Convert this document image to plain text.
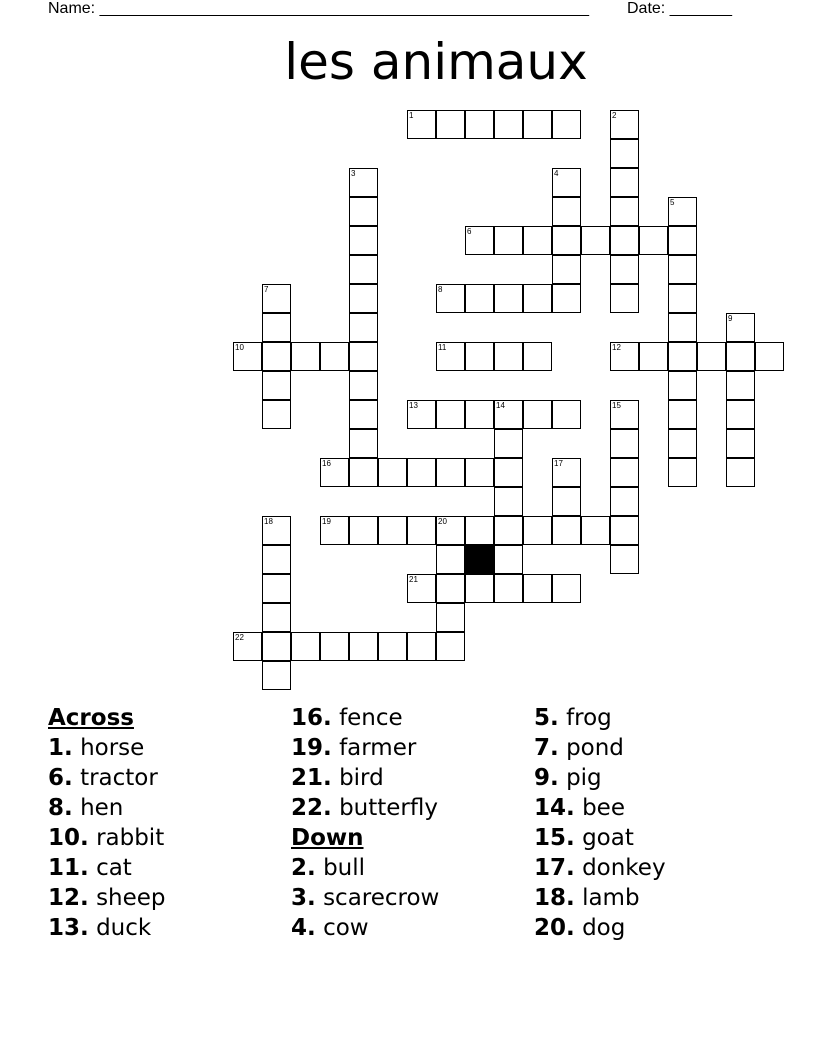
Name: _______________________________________________________ Date: _______
les animaux
1	2
3	4
5
6
7	8
9
10	11	12
13	14	15
16	17
18	19	20
21
22
Across
1. horse
6. tractor
8. hen
10. rabbit
11. cat
12. sheep
13. duck
16. fence
19. farmer
21. bird
22. butterfly
Down
2. bull
3. scarecrow
4. cow
5. frog
7. pond
9. pig
14. bee
15. goat
17. donkey
18. lamb
20. dog
